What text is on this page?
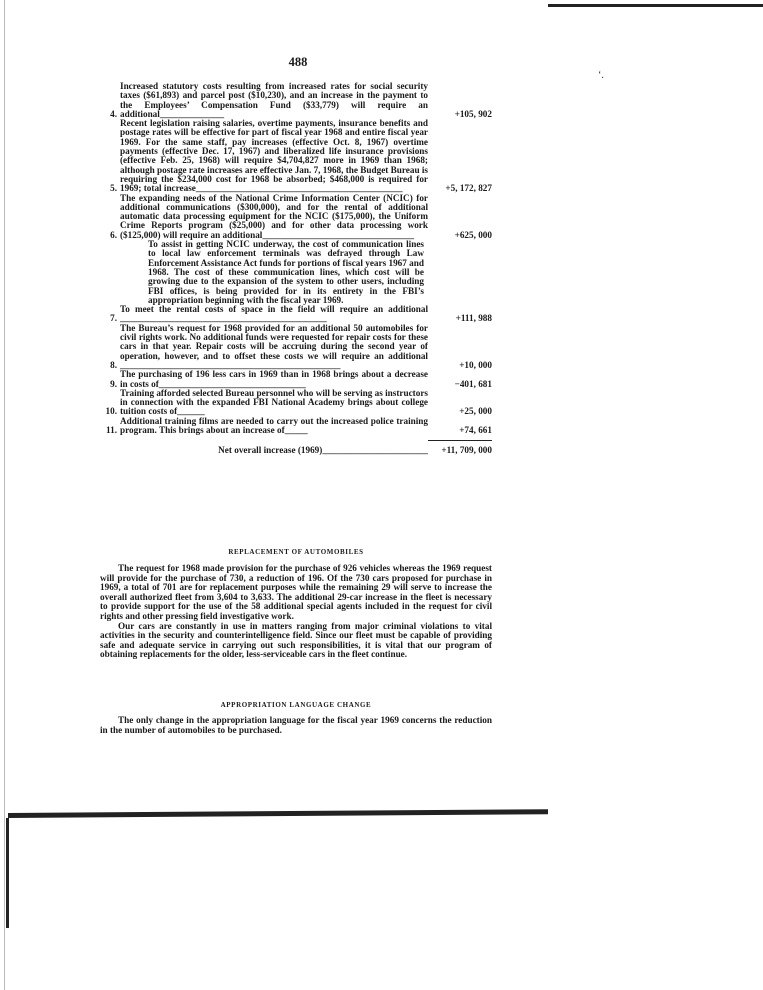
488
‘.
4.
Increased statutory costs resulting from increased rates for social security taxes ($61,893) and parcel post ($10,230), and an increase in the payment to the Employees’ Compensation Fund ($33,779) will require an additional______________	+105, 902
5.
Recent legislation raising salaries, overtime payments, insurance benefits and postage rates will be effective for part of fiscal year 1968 and entire fiscal year 1969. For the same staff, pay increases (effective Oct. 8, 1967) overtime payments (effective Dec. 17, 1967) and liberalized life insurance provisions (effective Feb. 25, 1968) will require $4,704,827 more in 1969 than 1968; although postage rate increases are effective Jan. 7, 1968, the Budget Bureau is requiring the $234,000 cost for 1968 be absorbed; $468,000 is required for 1969; total increase_____________________________________________	+5, 172, 827
6.
The expanding needs of the National Crime Information Center (NCIC) for additional communications ($300,000), and for the rental of additional automatic data processing equipment for the NCIC ($175,000), the Uniform Crime Reports program ($25,000) and for other data processing work ($125,000) will require an additional_________________________________	+625, 000
To assist in getting NCIC underway, the cost of communication lines to local law enforcement terminals was defrayed through Law Enforcement Assistance Act funds for portions of fiscal years 1967 and 1968. The cost of these communication lines, which cost will be growing due to the expansion of the system to other users, including FBI offices, is being provided for in its entirety in the FBI’s appropriation beginning with the fiscal year 1969.
7.
To meet the rental costs of space in the field will require an additional _____________________________________________	+111, 988
8.
The Bureau’s request for 1968 provided for an additional 50 automobiles for civil rights work. No additional funds were requested for repair costs for these cars in that year. Repair costs will be accruing during the second year of operation, however, and to offset these costs we will require an additional ________________________________________________	+10, 000
9.
The purchasing of 196 less cars in 1969 than in 1968 brings about a decrease in costs of________________________________	−401, 681
10.
Training afforded selected Bureau personnel who will be serving as instructors in connection with the expanded FBI National Academy brings about college tuition costs of______	+25, 000
11.
Additional training films are needed to carry out the increased police training program. This brings about an increase of_____	+74, 661
Net overall increase (1969)_______________________	+11, 709, 000
REPLACEMENT OF AUTOMOBILES

The request for 1968 made provision for the purchase of 926 vehicles whereas the 1969 request will provide for the purchase of 730, a reduction of 196. Of the 730 cars proposed for purchase in 1969, a total of 701 are for replacement purposes while the remaining 29 will serve to increase the overall authorized fleet from 3,604 to 3,633. The additional 29-car increase in the fleet is necessary to provide support for the use of the 58 additional special agents included in the request for civil rights and other pressing field investigative work.

Our cars are constantly in use in matters ranging from major criminal violations to vital activities in the security and counterintelligence field. Since our fleet must be capable of providing safe and adequate service in carrying out such responsibilities, it is vital that our program of obtaining replacements for the older, less-serviceable cars in the fleet continue.

APPROPRIATION LANGUAGE CHANGE

The only change in the appropriation language for the fiscal year 1969 concerns the reduction in the number of automobiles to be purchased.
